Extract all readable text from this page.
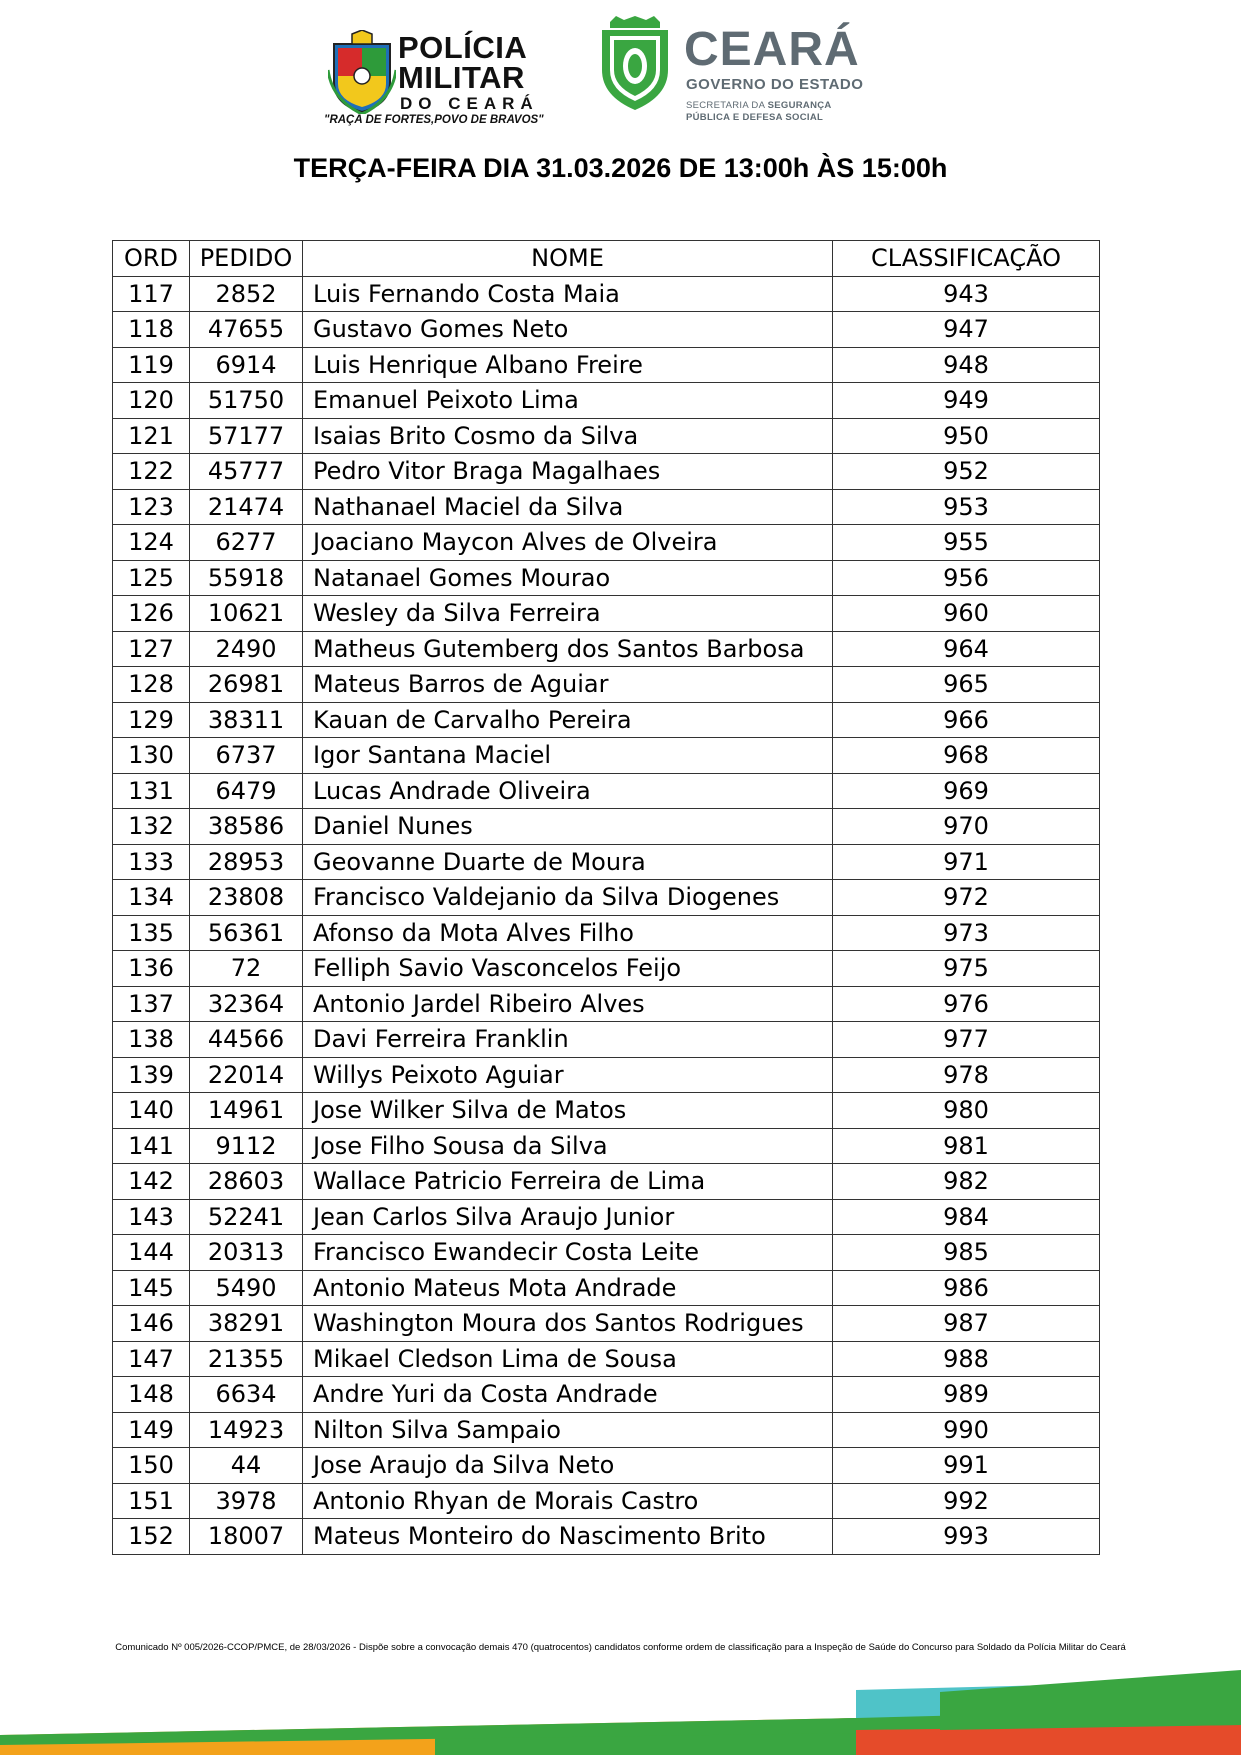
POLÍCIA
MILITAR
DO CEARÁ
"RAÇA DE FORTES,POVO DE BRAVOS"
CEARÁ
GOVERNO DO ESTADO
SECRETARIA DA SEGURANÇA
PÚBLICA E DEFESA SOCIAL
TERÇA-FEIRA DIA 31.03.2026 DE 13:00h ÀS 15:00h
ORD	PEDIDO	NOME	CLASSIFICAÇÃO
117	2852	Luis Fernando Costa Maia	943
118	47655	Gustavo Gomes Neto	947
119	6914	Luis Henrique Albano Freire	948
120	51750	Emanuel Peixoto Lima	949
121	57177	Isaias Brito Cosmo da Silva	950
122	45777	Pedro Vitor Braga Magalhaes	952
123	21474	Nathanael Maciel da Silva	953
124	6277	Joaciano Maycon Alves de Olveira	955
125	55918	Natanael Gomes Mourao	956
126	10621	Wesley da Silva Ferreira	960
127	2490	Matheus Gutemberg dos Santos Barbosa	964
128	26981	Mateus Barros de Aguiar	965
129	38311	Kauan de Carvalho Pereira	966
130	6737	Igor Santana Maciel	968
131	6479	Lucas Andrade Oliveira	969
132	38586	Daniel Nunes	970
133	28953	Geovanne Duarte de Moura	971
134	23808	Francisco Valdejanio da Silva Diogenes	972
135	56361	Afonso da Mota Alves Filho	973
136	72	Felliph Savio Vasconcelos Feijo	975
137	32364	Antonio Jardel Ribeiro Alves	976
138	44566	Davi Ferreira Franklin	977
139	22014	Willys Peixoto Aguiar	978
140	14961	Jose Wilker Silva de Matos	980
141	9112	Jose Filho Sousa da Silva	981
142	28603	Wallace Patricio Ferreira de Lima	982
143	52241	Jean Carlos Silva Araujo Junior	984
144	20313	Francisco Ewandecir Costa Leite	985
145	5490	Antonio Mateus Mota Andrade	986
146	38291	Washington Moura dos Santos Rodrigues	987
147	21355	Mikael Cledson Lima de Sousa	988
148	6634	Andre Yuri da Costa Andrade	989
149	14923	Nilton Silva Sampaio	990
150	44	Jose Araujo da Silva Neto	991
151	3978	Antonio Rhyan de Morais Castro	992
152	18007	Mateus Monteiro do Nascimento Brito	993
Comunicado Nº 005/2026-CCOP/PMCE, de 28/03/2026 - Dispõe sobre a convocação demais 470 (quatrocentos) candidatos conforme ordem de classificação para a Inspeção de Saúde do Concurso para Soldado da Polícia Militar do Ceará
